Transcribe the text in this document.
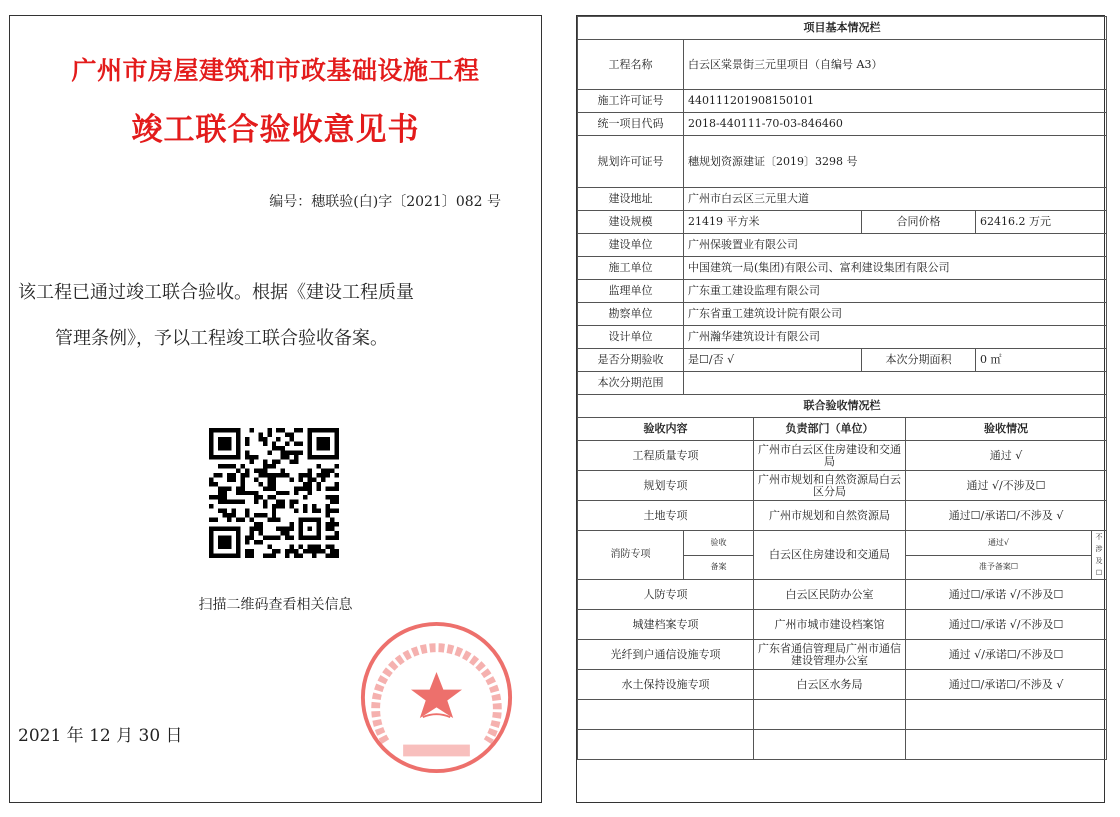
广州市房屋建筑和市政基础设施工程
竣工联合验收意见书
编号：穗联验(白)字〔2021〕082 号
该工程已通过竣工联合验收。根据《建设工程质量
管理条例》，予以工程竣工联合验收备案。
扫描二维码查看相关信息
2021 年 12 月 30 日
项目基本情况栏						
工程名称	白云区棠景街三元里项目（自编号 A3）					
施工许可证号	440111201908150101					
统一项目代码	2018-440111-70-03-846460					
规划许可证号	穗规划资源建证〔2019〕3298 号					
建设地址	广州市白云区三元里大道					
建设规模	21419 平方米		合同价格		62416.2 万元	
建设单位	广州保骏置业有限公司					
施工单位	中国建筑一局(集团)有限公司、富利建设集团有限公司					
监理单位	广东重工建设监理有限公司					
勘察单位	广东省重工建筑设计院有限公司					
设计单位	广州瀚华建筑设计有限公司					
是否分期验收	是☐/否 √		本次分期面积		0 ㎡	
本次分期范围						
联合验收情况栏						
验收内容		负责部门（单位）		验收情况		
工程质量专项		广州市白云区住房建设和交通局		通过 √		
规划专项		广州市规划和自然资源局白云区分局		通过 √/不涉及☐		
土地专项		广州市规划和自然资源局		通过☐/承诺☐/不涉及 √		
消防专项	验收	白云区住房建设和交通局		通过√		不涉及☐
	备案			准予备案☐		
人防专项		白云区民防办公室		通过☐/承诺 √/不涉及☐		
城建档案专项		广州市城市建设档案馆		通过☐/承诺 √/不涉及☐		
光纤到户通信设施专项		广东省通信管理局广州市通信建设管理办公室		通过 √/承诺☐/不涉及☐		
水土保持设施专项		白云区水务局		通过☐/承诺☐/不涉及 √		
